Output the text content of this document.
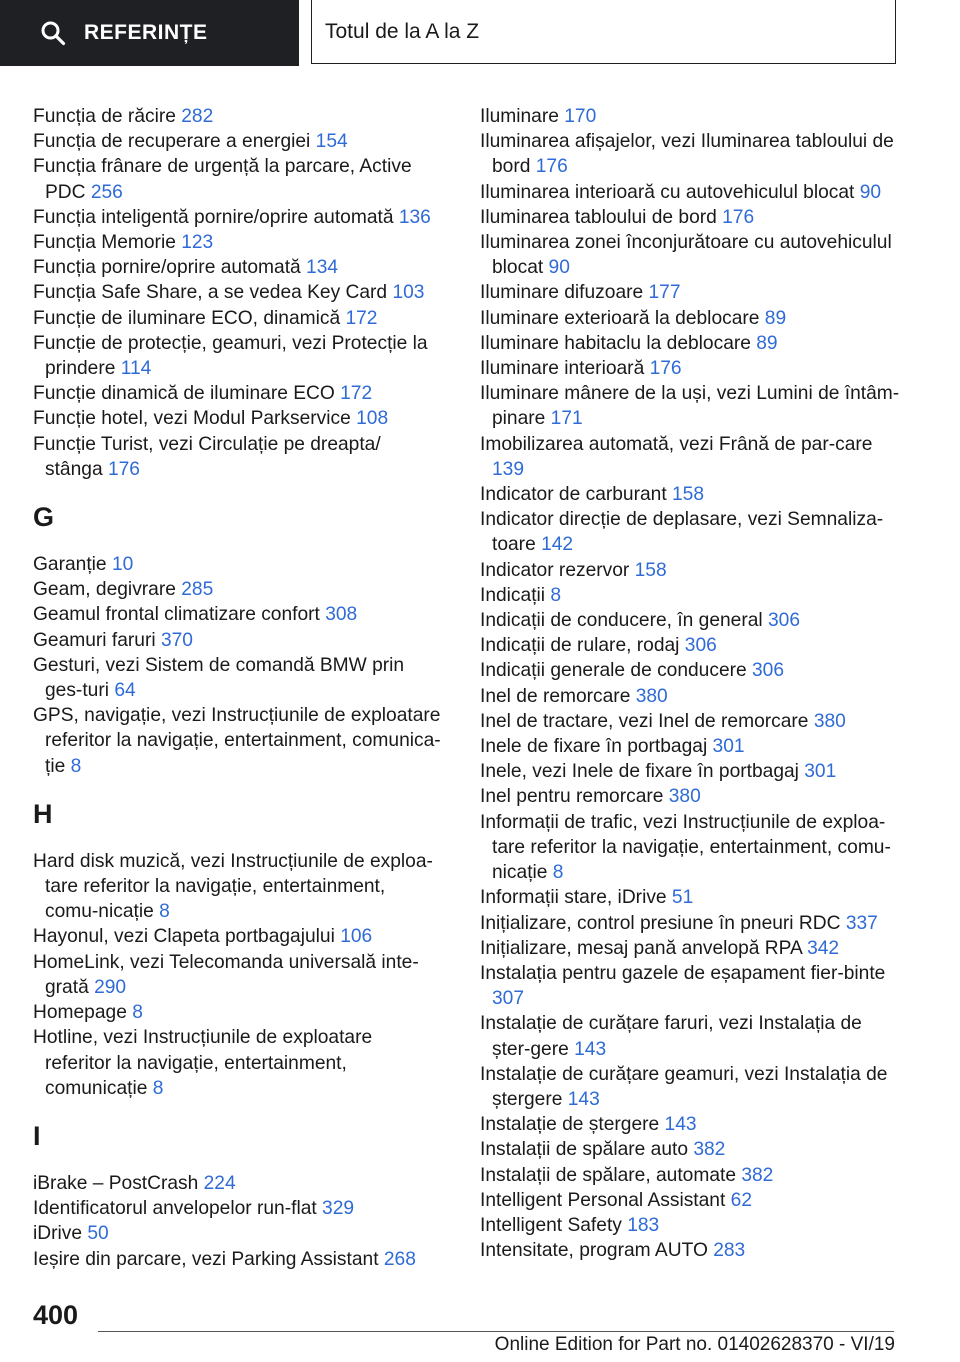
REFERINȚE	Totul de la A la Z
Funcția de răcire 282
Funcția de recuperare a energiei 154
Funcția frânare de urgență la parcare, Active PDC 256
Funcția inteligentă pornire/oprire automată 136
Funcția Memorie 123
Funcția pornire/oprire automată 134
Funcția Safe Share, a se vedea Key Card 103
Funcție de iluminare ECO, dinamică 172
Funcție de protecție, geamuri, vezi Protecție la prindere 114
Funcție dinamică de iluminare ECO 172
Funcție hotel, vezi Modul Parkservice 108
Funcție Turist, vezi Circulație pe dreapta/ stânga 176
G
Garanție 10
Geam, degivrare 285
Geamul frontal climatizare confort 308
Geamuri faruri 370
Gesturi, vezi Sistem de comandă BMW prin ges-turi 64
GPS, navigație, vezi Instrucțiunile de exploatare referitor la navigație, entertainment, comunica-ție 8
H
Hard disk muzică, vezi Instrucțiunile de exploa-tare referitor la navigație, entertainment, comu-nicație 8
Hayonul, vezi Clapeta portbagajului 106
HomeLink, vezi Telecomanda universală inte-grată 290
Homepage 8
Hotline, vezi Instrucțiunile de exploatare referitor la navigație, entertainment, comunicație 8
I
iBrake – PostCrash 224
Identificatorul anvelopelor run-flat 329
iDrive 50
Ieșire din parcare, vezi Parking Assistant 268
Iluminare 170
Iluminarea afișajelor, vezi Iluminarea tabloului de bord 176
Iluminarea interioară cu autovehiculul blocat 90
Iluminarea tabloului de bord 176
Iluminarea zonei înconjurătoare cu autovehiculul blocat 90
Iluminare difuzoare 177
Iluminare exterioară la deblocare 89
Iluminare habitaclu la deblocare 89
Iluminare interioară 176
Iluminare mânere de la uși, vezi Lumini de întâm-pinare 171
Imobilizarea automată, vezi Frână de par-care 139
Indicator de carburant 158
Indicator direcție de deplasare, vezi Semnaliza-toare 142
Indicator rezervor 158
Indicații 8
Indicații de conducere, în general 306
Indicații de rulare, rodaj 306
Indicații generale de conducere 306
Inel de remorcare 380
Inel de tractare, vezi Inel de remorcare 380
Inele de fixare în portbagaj 301
Inele, vezi Inele de fixare în portbagaj 301
Inel pentru remorcare 380
Informații de trafic, vezi Instrucțiunile de exploa-tare referitor la navigație, entertainment, comu-nicație 8
Informații stare, iDrive 51
Inițializare, control presiune în pneuri RDC 337
Inițializare, mesaj pană anvelopă RPA 342
Instalația pentru gazele de eșapament fier-binte 307
Instalație de curățare faruri, vezi Instalația de șter-gere 143
Instalație de curățare geamuri, vezi Instalația de ștergere 143
Instalație de ștergere 143
Instalații de spălare auto 382
Instalații de spălare, automate 382
Intelligent Personal Assistant 62
Intelligent Safety 183
Intensitate, program AUTO 283
400
Online Edition for Part no. 01402628370 - VI/19
